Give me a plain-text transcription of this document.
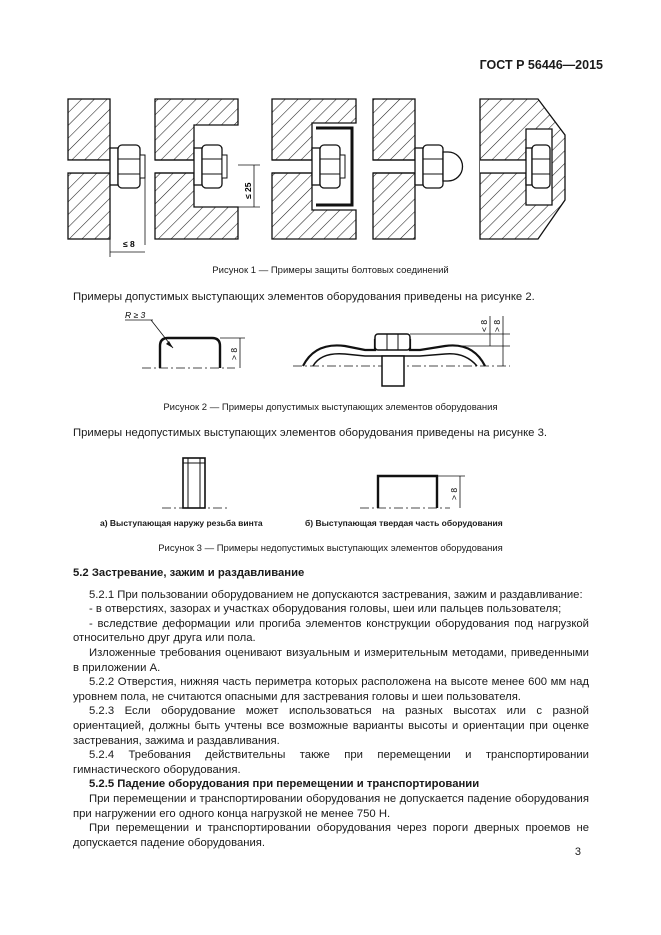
ГОСТ Р 56446—2015
≤ 8
≤ 25
Рисунок 1 — Примеры защиты болтовых соединений
Примеры допустимых выступающих элементов оборудования приведены на рисунке 2.
R ≥ 3
> 8
< 8 > 8
Рисунок 2 — Примеры допустимых выступающих элементов оборудования
Примеры недопустимых выступающих элементов оборудования приведены на рисунке 3.
> 8
а) Выступающая наружу резьба винта	б) Выступающая твердая часть оборудования
Рисунок 3 — Примеры недопустимых выступающих элементов оборудования

5.2 Застревание, зажим и раздавливание

5.2.1 При пользовании оборудованием не допускаются застревания, зажим и раздавливание:

- в отверстиях, зазорах и участках оборудования головы, шеи или пальцев пользователя;

- вследствие деформации или прогиба элементов конструкции оборудования под нагрузкой относительно друг друга или пола.

Изложенные требования оценивают визуальным и измерительным методами, приведенными в приложении А.

5.2.2 Отверстия, нижняя часть периметра которых расположена на высоте менее 600 мм над уровнем пола, не считаются опасными для застревания головы и шеи пользователя.

5.2.3 Если оборудование может использоваться на разных высотах или с разной ориентацией, должны быть учтены все возможные варианты высоты и ориентации при оценке застревания, зажима и раздавливания.

5.2.4 Требования действительны также при перемещении и транспортировании гимнастического оборудования.

5.2.5 Падение оборудования при перемещении и транспортировании

При перемещении и транспортировании оборудования не допускается падение оборудования при нагружении его одного конца нагрузкой не менее 750 Н.

При перемещении и транспортировании оборудования через пороги дверных проемов не допускается падение оборудования.

3
